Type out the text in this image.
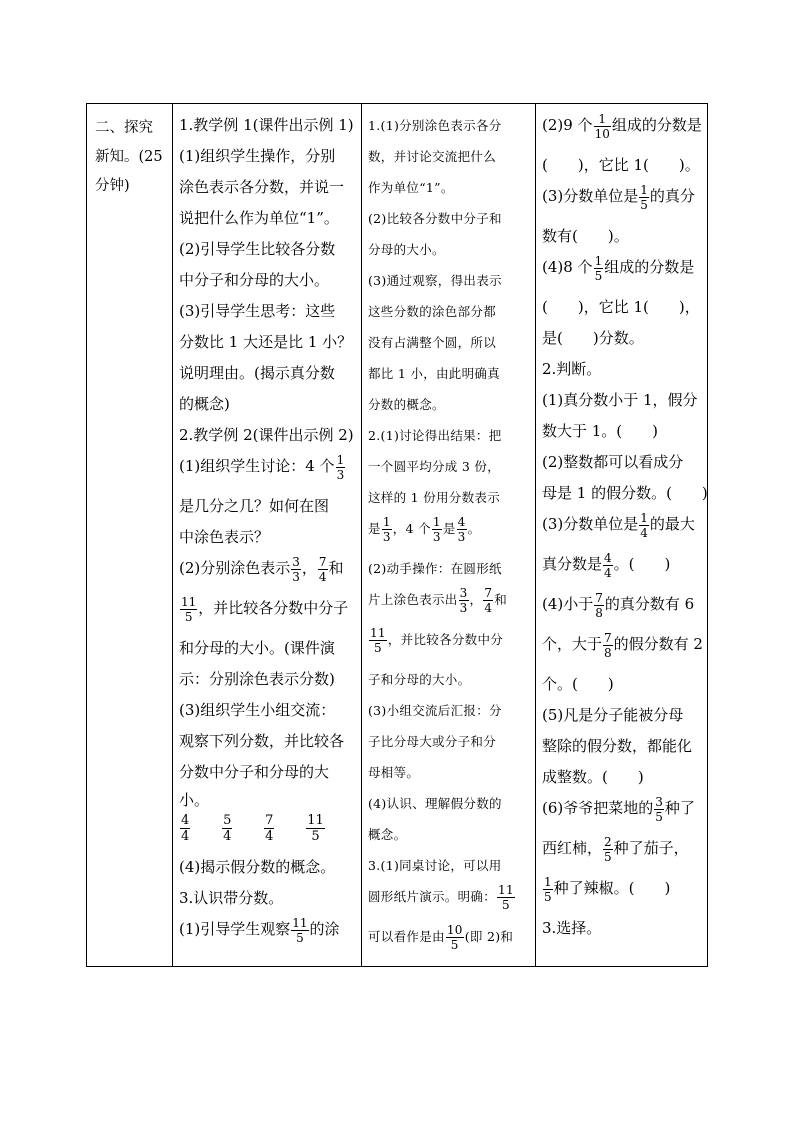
二、探究
新知。(25
分钟)
1.教学例 1(课件出示例 1)
(1)组织学生操作，分别
涂色表示各分数，并说一
说把什么作为单位“1”。
(2)引导学生比较各分数
中分子和分母的大小。
(3)引导学生思考：这些
分数比 1 大还是比 1 小？
说明理由。(揭示真分数
的概念)
2.教学例 2(课件出示例 2)
(1)组织学生讨论：4 个 $\frac{1}{3}$
是几分之几？如何在图
中涂色表示？
(2)分别涂色表示 $\frac{3}{3}$ ， $\frac{7}{4}$ 和
$\frac{11}{5}$ ，并比较各分数中分子
和分母的大小。(课件演
示：分别涂色表示分数)
(3)组织学生小组交流：
观察下列分数，并比较各
分数中分子和分母的大
小。
$\frac{4}{4}$
$\frac{5}{4}$
$\frac{7}{4}$
$\frac{11}{5}$
(4)揭示假分数的概念。
3.认识带分数。
(1)引导学生观察 $\frac{11}{5}$ 的涂
1.(1)分别涂色表示各分
数，并讨论交流把什么
作为单位“1”。
(2)比较各分数中分子和
分母的大小。
(3)通过观察，得出表示
这些分数的涂色部分都
没有占满整个圆，所以
都比 1 小，由此明确真
分数的概念。
2.(1)讨论得出结果：把
一个圆平均分成 3 份，
这样的 1 份用分数表示
是 $\frac{1}{3}$ ，4 个 $\frac{1}{3}$ 是 $\frac{4}{3}$ 。
(2)动手操作：在圆形纸
片上涂色表示出 $\frac{3}{3}$ ， $\frac{7}{4}$ 和
$\frac{11}{5}$ ，并比较各分数中分
子和分母的大小。
(3)小组交流后汇报：分
子比分母大或分子和分
母相等。
(4)认识、理解假分数的
概念。
3.(1)同桌讨论，可以用
圆形纸片演示。明确： $\frac{11}{5}$
可以看作是由 $\frac{10}{5}$ (即 2)和
(2)9 个 $\frac{1}{10}$ 组成的分数是
(　　)，它比 1(　　)。
(3)分数单位是 $\frac{1}{5}$ 的真分
数有(　　)。
(4)8 个 $\frac{1}{5}$ 组成的分数是
(　　)，它比 1(　　)，
是(　　)分数。
2.判断。
(1)真分数小于 1，假分
数大于 1。(　　)
(2)整数都可以看成分
母是 1 的假分数。(　　)
(3)分数单位是 $\frac{1}{4}$ 的最大
真分数是 $\frac{4}{4}$ 。(　　)
(4)小于 $\frac{7}{8}$ 的真分数有 6
个，大于 $\frac{7}{8}$ 的假分数有 2
个。(　　)
(5)凡是分子能被分母
整除的假分数，都能化
成整数。(　　)
(6)爷爷把菜地的 $\frac{3}{5}$ 种了
西红柿， $\frac{2}{5}$ 种了茄子，
$\frac{1}{5}$ 种了辣椒。(　　)
3.选择。
